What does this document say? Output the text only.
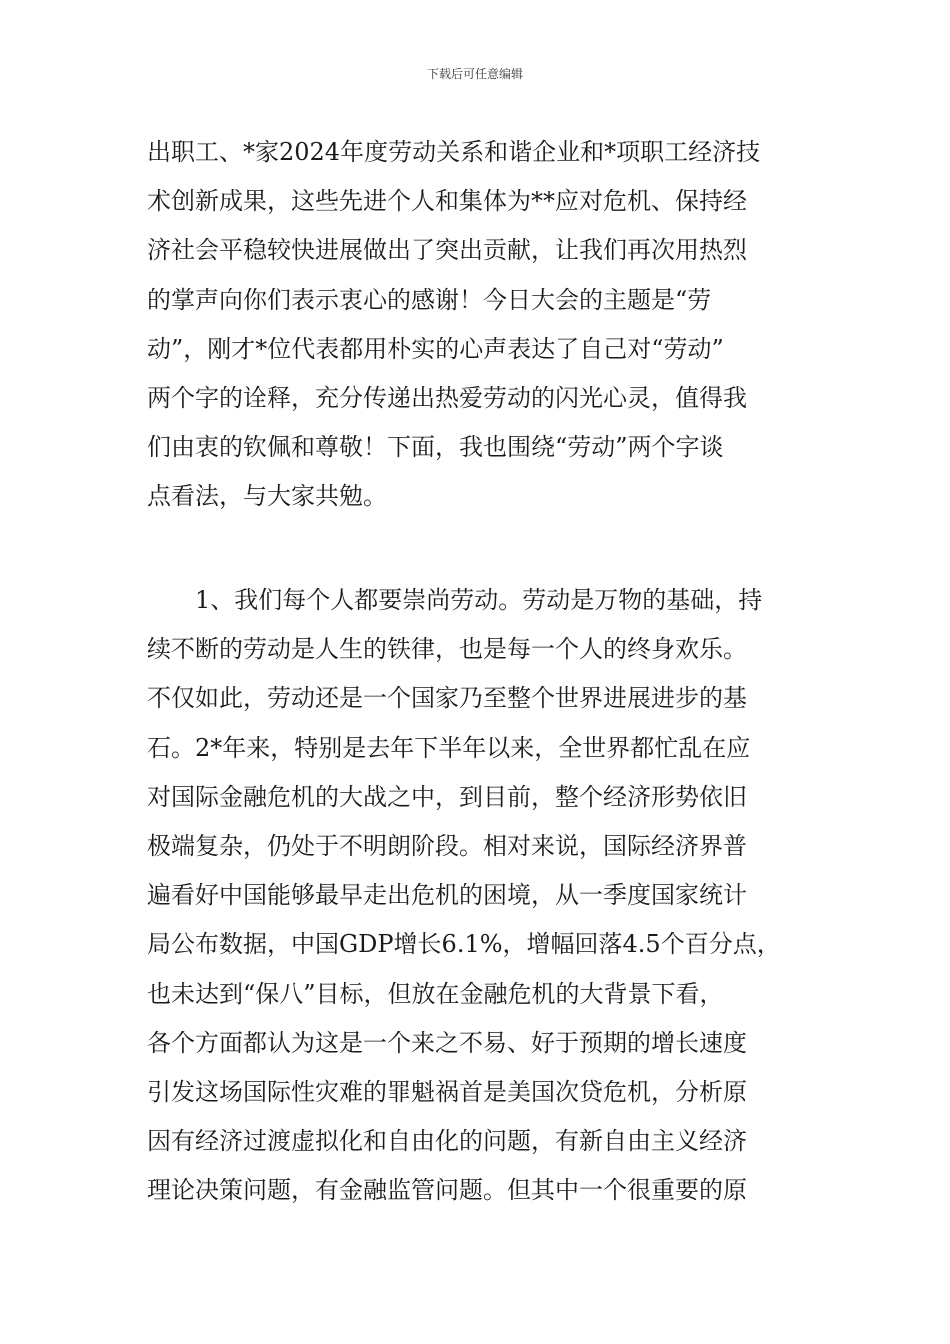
下载后可任意编辑
出职工、*家2024年度劳动关系和谐企业和*项职工经济技
术创新成果，这些先进个人和集体为**应对危机、保持经
济社会平稳较快进展做出了突出贡献，让我们再次用热烈
的掌声向你们表示衷心的感谢！今日大会的主题是“劳
动”，刚才*位代表都用朴实的心声表达了自己对“劳动”
两个字的诠释，充分传递出热爱劳动的闪光心灵，值得我
们由衷的钦佩和尊敬！下面，我也围绕“劳动”两个字谈
点看法，与大家共勉。
　　1、我们每个人都要崇尚劳动。劳动是万物的基础，持
续不断的劳动是人生的铁律，也是每一个人的终身欢乐。
不仅如此，劳动还是一个国家乃至整个世界进展进步的基
石。2*年来，特别是去年下半年以来，全世界都忙乱在应
对国际金融危机的大战之中，到目前，整个经济形势依旧
极端复杂，仍处于不明朗阶段。相对来说，国际经济界普
遍看好中国能够最早走出危机的困境，从一季度国家统计
局公布数据，中国GDP增长6.1%，增幅回落4.5个百分点，
也未达到“保八”目标，但放在金融危机的大背景下看，
各个方面都认为这是一个来之不易、好于预期的增长速度
引发这场国际性灾难的罪魁祸首是美国次贷危机，分析原
因有经济过渡虚拟化和自由化的问题，有新自由主义经济
理论决策问题，有金融监管问题。但其中一个很重要的原
